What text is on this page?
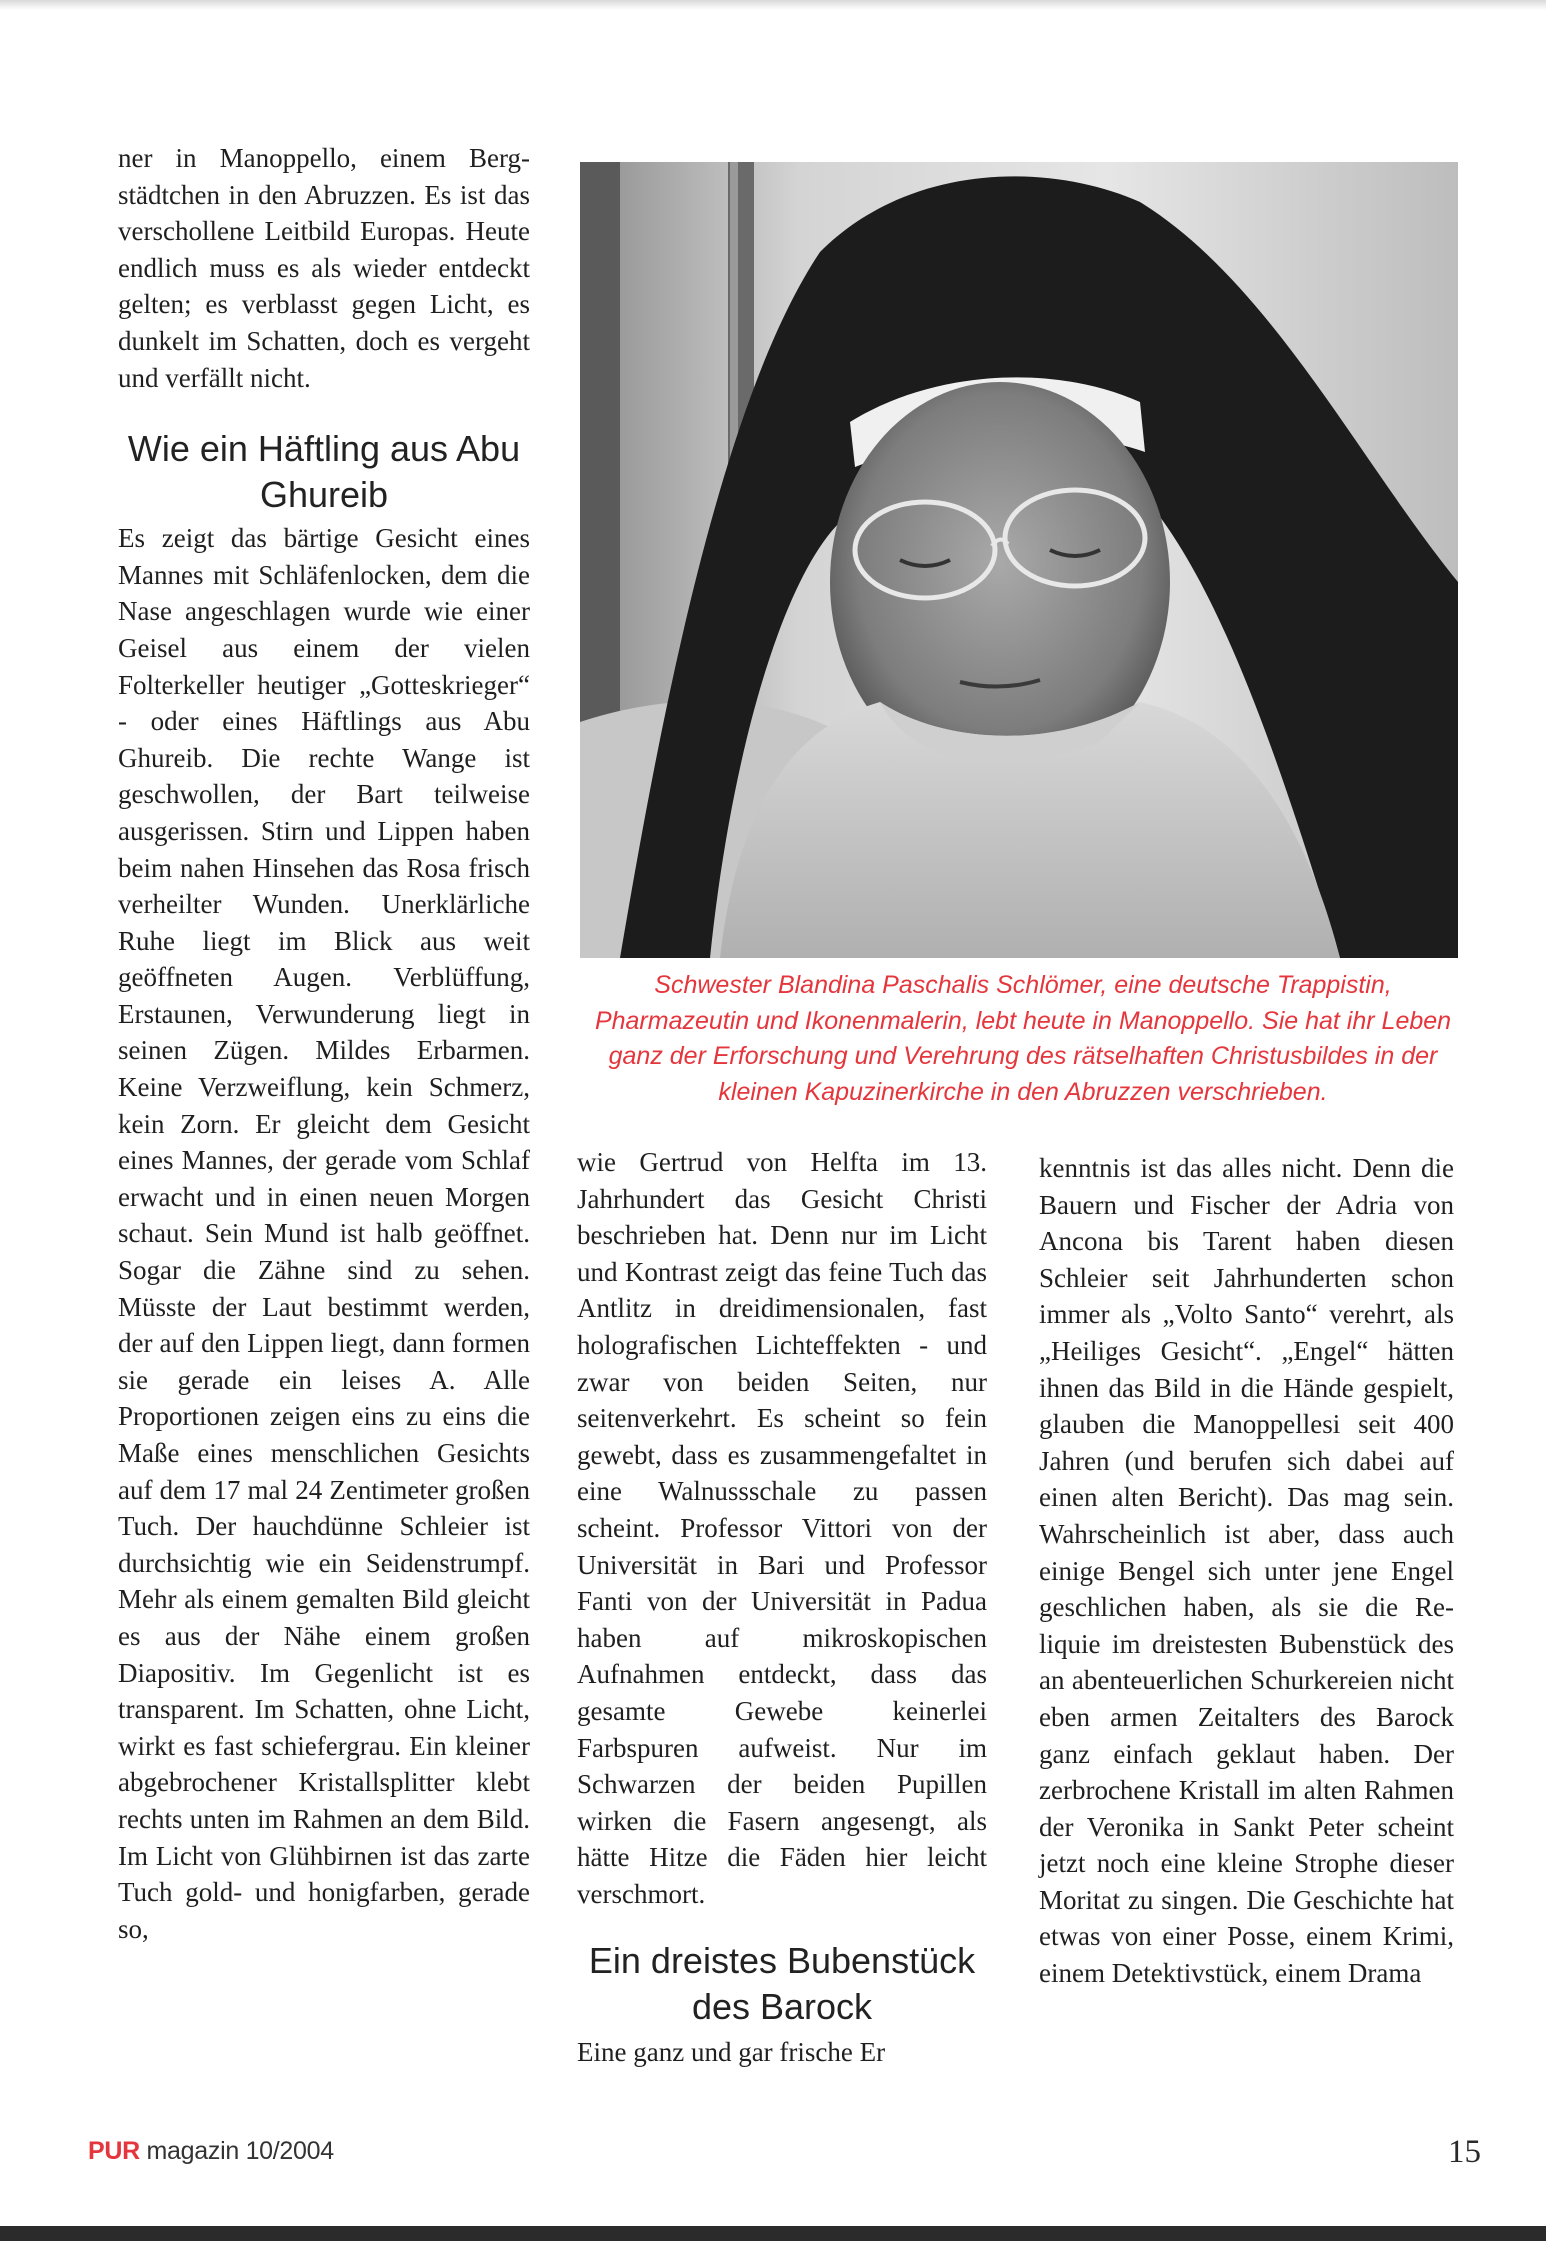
ner in Manoppello, einem Bergstädtchen in den Abruzzen. Es ist das verschollene Leitbild Europas. Heute endlich muss es als wieder entdeckt gelten; es verblasst gegen Licht, es dunkelt im Schatten, doch es vergeht und verfällt nicht.

Wie ein Häftling aus Abu Ghureib

Es zeigt das bärtige Gesicht eines Mannes mit Schläfenlocken, dem die Nase angeschlagen wurde wie einer Geisel aus einem der vielen Folterkeller heutiger „Gotteskrieger“ - oder eines Häftlings aus Abu Ghureib. Die rechte Wange ist geschwollen, der Bart teilweise ausgerissen. Stirn und Lippen haben beim nahen Hinsehen das Rosa frisch verheilter Wunden. Unerklärliche Ruhe liegt im Blick aus weit geöffneten Augen. Verblüffung, Erstaunen, Verwunderung liegt in seinen Zügen. Mildes Erbarmen. Keine Verzweiflung, kein Schmerz, kein Zorn. Er gleicht dem Gesicht eines Mannes, der gerade vom Schlaf erwacht und in einen neuen Morgen schaut. Sein Mund ist halb geöffnet. Sogar die Zähne sind zu sehen. Müsste der Laut bestimmt werden, der auf den Lippen liegt, dann formen sie gerade ein leises A. Alle Proportionen zeigen eins zu eins die Maße eines menschlichen Gesichts auf dem 17 mal 24 Zentimeter großen Tuch. Der hauchdünne Schleier ist durchsichtig wie ein Seidenstrumpf. Mehr als einem gemalten Bild gleicht es aus der Nähe einem großen Diapositiv. Im Gegenlicht ist es transparent. Im Schatten, ohne Licht, wirkt es fast schiefergrau. Ein kleiner abgebrochener Kristallsplitter klebt rechts unten im Rahmen an dem Bild. Im Licht von Glühbirnen ist das zarte Tuch gold- und honigfarben, gerade so,

Schwester Blandina Paschalis Schlömer, eine deutsche Trappistin, Pharmazeutin und Ikonenmalerin, lebt heute in Manoppello. Sie hat ihr Leben ganz der Erforschung und Verehrung des rätselhaften Christusbildes in der kleinen Kapuzinerkirche in den Abruzzen verschrieben.

wie Gertrud von Helfta im 13. Jahrhundert das Gesicht Christi beschrieben hat. Denn nur im Licht und Kontrast zeigt das feine Tuch das Antlitz in dreidimensionalen, fast holografischen Lichteffekten - und zwar von beiden Seiten, nur seitenverkehrt. Es scheint so fein gewebt, dass es zusammengefaltet in eine Walnussschale zu passen scheint. Professor Vittori von der Universität in Bari und Professor Fanti von der Universität in Padua haben auf mikroskopischen Aufnahmen entdeckt, dass das gesamte Gewebe keinerlei Farbspuren aufweist. Nur im Schwarzen der beiden Pupillen wirken die Fasern angesengt, als hätte Hitze die Fäden hier leicht verschmort.

Ein dreistes Bubenstück des Barock

Eine ganz und gar frische Er

kenntnis ist das alles nicht. Denn die Bauern und Fischer der Adria von Ancona bis Tarent haben diesen Schleier seit Jahrhunderten schon immer als „Volto Santo“ verehrt, als „Heiliges Gesicht“. „Engel“ hätten ihnen das Bild in die Hände gespielt, glauben die Manoppellesi seit 400 Jahren (und berufen sich dabei auf einen alten Bericht). Das mag sein. Wahrscheinlich ist aber, dass auch einige Bengel sich unter jene Engel geschlichen haben, als sie die Reliquie im dreistesten Bubenstück des an abenteuerlichen Schurkereien nicht eben armen Zeitalters des Barock ganz einfach geklaut haben. Der zerbrochene Kristall im alten Rahmen der Veronika in Sankt Peter scheint jetzt noch eine kleine Strophe dieser Moritat zu singen. Die Geschichte hat etwas von einer Posse, einem Krimi, einem Detektivstück, einem Drama

PUR magazin 10/2004	15
